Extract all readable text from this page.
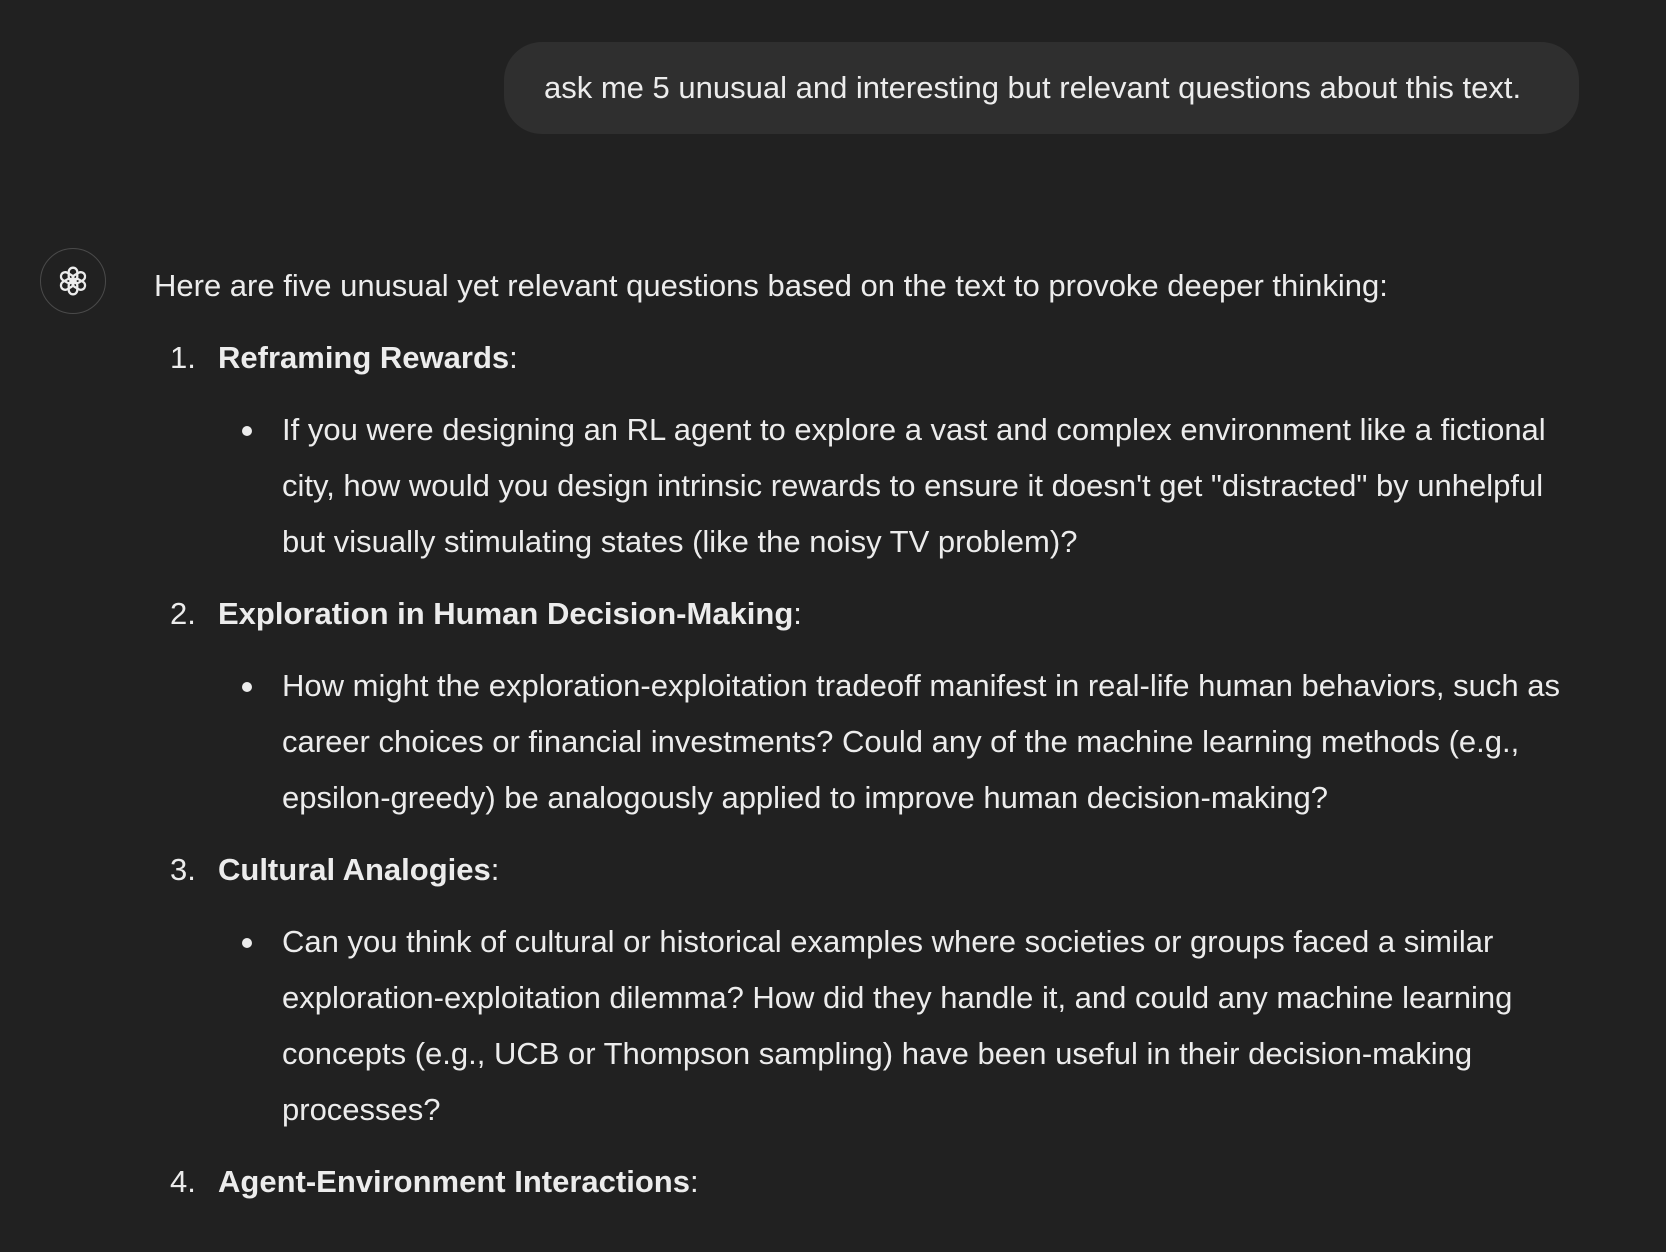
ask me 5 unusual and interesting but relevant questions about this text.
Here are five unusual yet relevant questions based on the text to provoke deeper thinking:
1. Reframing Rewards:
If you were designing an RL agent to explore a vast and complex environment like a fictional city, how would you design intrinsic rewards to ensure it doesn't get "distracted" by unhelpful but visually stimulating states (like the noisy TV problem)?
2. Exploration in Human Decision-Making:
How might the exploration-exploitation tradeoff manifest in real-life human behaviors, such as career choices or financial investments? Could any of the machine learning methods (e.g., epsilon-greedy) be analogously applied to improve human decision-making?
3. Cultural Analogies:
Can you think of cultural or historical examples where societies or groups faced a similar exploration-exploitation dilemma? How did they handle it, and could any machine learning concepts (e.g., UCB or Thompson sampling) have been useful in their decision-making processes?
4. Agent-Environment Interactions:
